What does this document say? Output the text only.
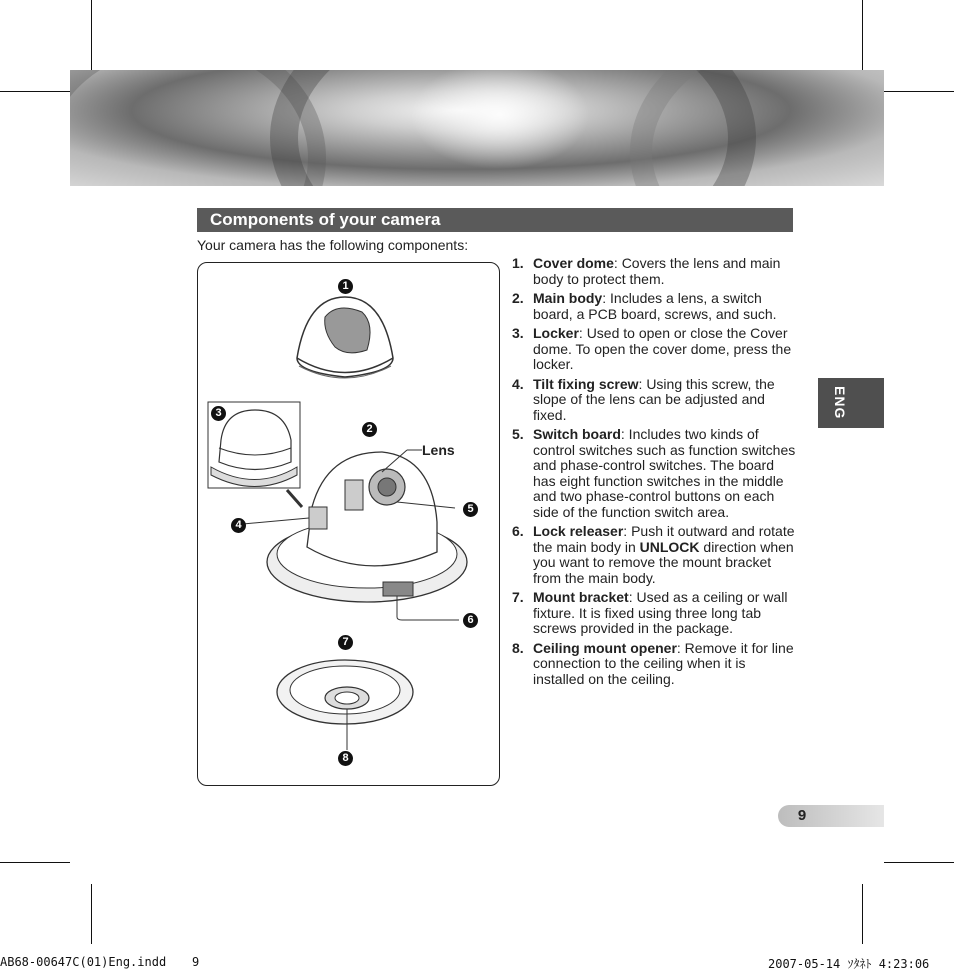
Components of your camera
Your camera has the following components:
1
2
3
4
5
6
7
8
Lens
1. Cover dome: Covers the lens and main body to protect them.
2. Main body: Includes a lens, a switch board, a PCB board, screws, and such.
3. Locker: Used to open or close the Cover dome. To open the cover dome, press the locker.
4. Tilt fixing screw: Using this screw, the slope of the lens can be adjusted and fixed.
5. Switch board: Includes two kinds of control switches such as function switches and phase-control switches. The board has eight function switches in the middle and two phase-control buttons on each side of the function switch area.
6. Lock releaser: Push it outward and rotate the main body in UNLOCK direction when you want to remove the mount bracket from the main body.
7. Mount bracket: Used as a ceiling or wall fixture. It is fixed using three long tab screws provided in the package.
8. Ceiling mount opener: Remove it for line connection to the ceiling when it is installed on the ceiling.
ENG
9
AB68-00647C(01)Eng.indd 9	2007-05-14 ｿﾀﾈﾄ 4:23:06
